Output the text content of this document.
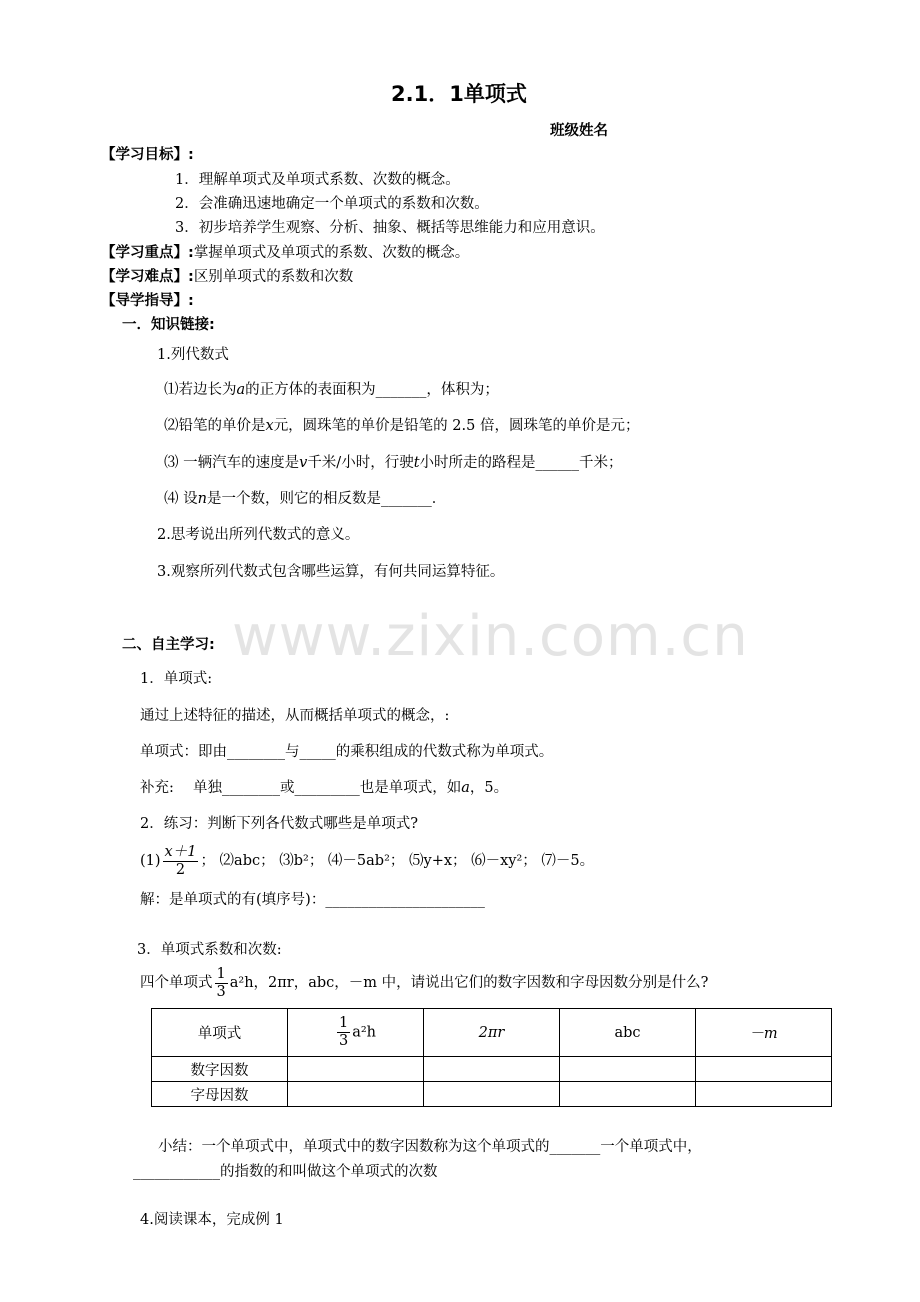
www.zixin.com.cn
2.1．1单项式
班级姓名
【学习目标】:
1．理解单项式及单项式系数、次数的概念。
2．会准确迅速地确定一个单项式的系数和次数。
3．初步培养学生观察、分析、抽象、概括等思维能力和应用意识。
【学习重点】:掌握单项式及单项式的系数、次数的概念。
【学习难点】:区别单项式的系数和次数
【导学指导】:
一．知识链接:
1.列代数式
⑴若边长为a的正方体的表面积为_______，体积为；
⑵铅笔的单价是x元，圆珠笔的单价是铅笔的 2.5 倍，圆珠笔的单价是元；
⑶ 一辆汽车的速度是v千米/小时，行驶t小时所走的路程是______千米；
⑷ 设n是一个数，则它的相反数是_______．
2.思考说出所列代数式的意义。
3.观察所列代数式包含哪些运算，有何共同运算特征。
二、自主学习:
1．单项式:
通过上述特征的描述，从而概括单项式的概念，:
单项式：即由________与_____的乘积组成的代数式称为单项式。
补充:　 单独________或_________也是单项式，如a，5。
2．练习：判断下列各代数式哪些是单项式?
$(1) \frac{x+1}{2}$ ； ⑵abc； ⑶b²； ⑷－5ab²； ⑸y+x； ⑹－xy²； ⑺－5。
解：是单项式的有(填序号)：______________________
3．单项式系数和次数:
四个单项式 $\frac{1}{3} a^2h$，2πr，abc，－m 中，请说出它们的数字因数和字母因数分别是什么?
单项式	$\frac{1}{3} a^2h$	2πr	abc	－m
数字因数				
字母因数				
小结：一个单项式中，单项式中的数字因数称为这个单项式的_______一个单项式中，
____________的指数的和叫做这个单项式的次数
4.阅读课本，完成例 1
